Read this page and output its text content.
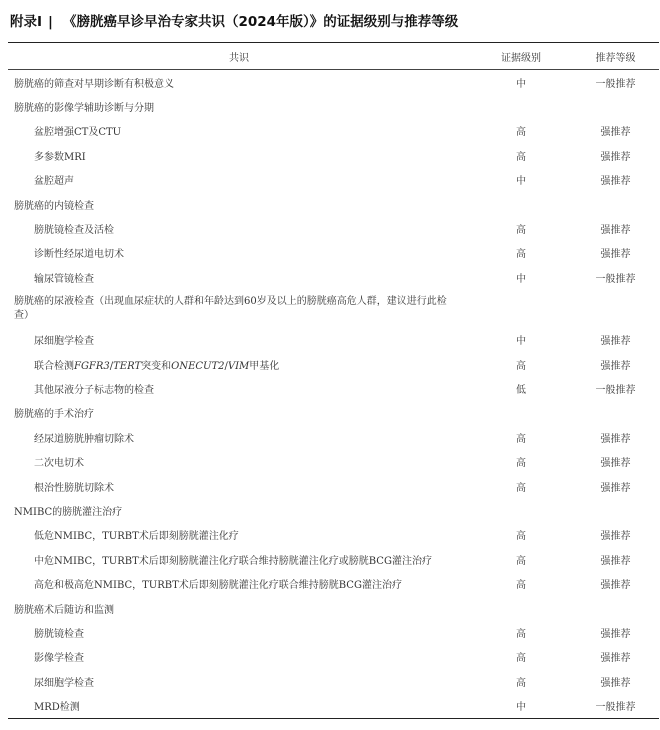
附录Ⅰ | 《膀胱癌早诊早治专家共识（2024年版）》的证据级别与推荐等级
共识	证据级别	推荐等级
膀胱癌的筛查对早期诊断有积极意义	中	一般推荐
膀胱癌的影像学辅助诊断与分期		
盆腔增强CT及CTU	高	强推荐
多参数MRI	高	强推荐
盆腔超声	中	强推荐
膀胱癌的内镜检查		
膀胱镜检查及活检	高	强推荐
诊断性经尿道电切术	高	强推荐
输尿管镜检查	中	一般推荐
膀胱癌的尿液检查（出现血尿症状的人群和年龄达到60岁及以上的膀胱癌高危人群，建议进行此检查）		
尿细胞学检查	中	强推荐
联合检测FGFR3/TERT突变和ONECUT2/VIM甲基化	高	强推荐
其他尿液分子标志物的检查	低	一般推荐
膀胱癌的手术治疗		
经尿道膀胱肿瘤切除术	高	强推荐
二次电切术	高	强推荐
根治性膀胱切除术	高	强推荐
NMIBC的膀胱灌注治疗		
低危NMIBC，TURBT术后即刻膀胱灌注化疗	高	强推荐
中危NMIBC，TURBT术后即刻膀胱灌注化疗联合维持膀胱灌注化疗或膀胱BCG灌注治疗	高	强推荐
高危和极高危NMIBC，TURBT术后即刻膀胱灌注化疗联合维持膀胱BCG灌注治疗	高	强推荐
膀胱癌术后随访和监测		
膀胱镜检查	高	强推荐
影像学检查	高	强推荐
尿细胞学检查	高	强推荐
MRD检测	中	一般推荐
